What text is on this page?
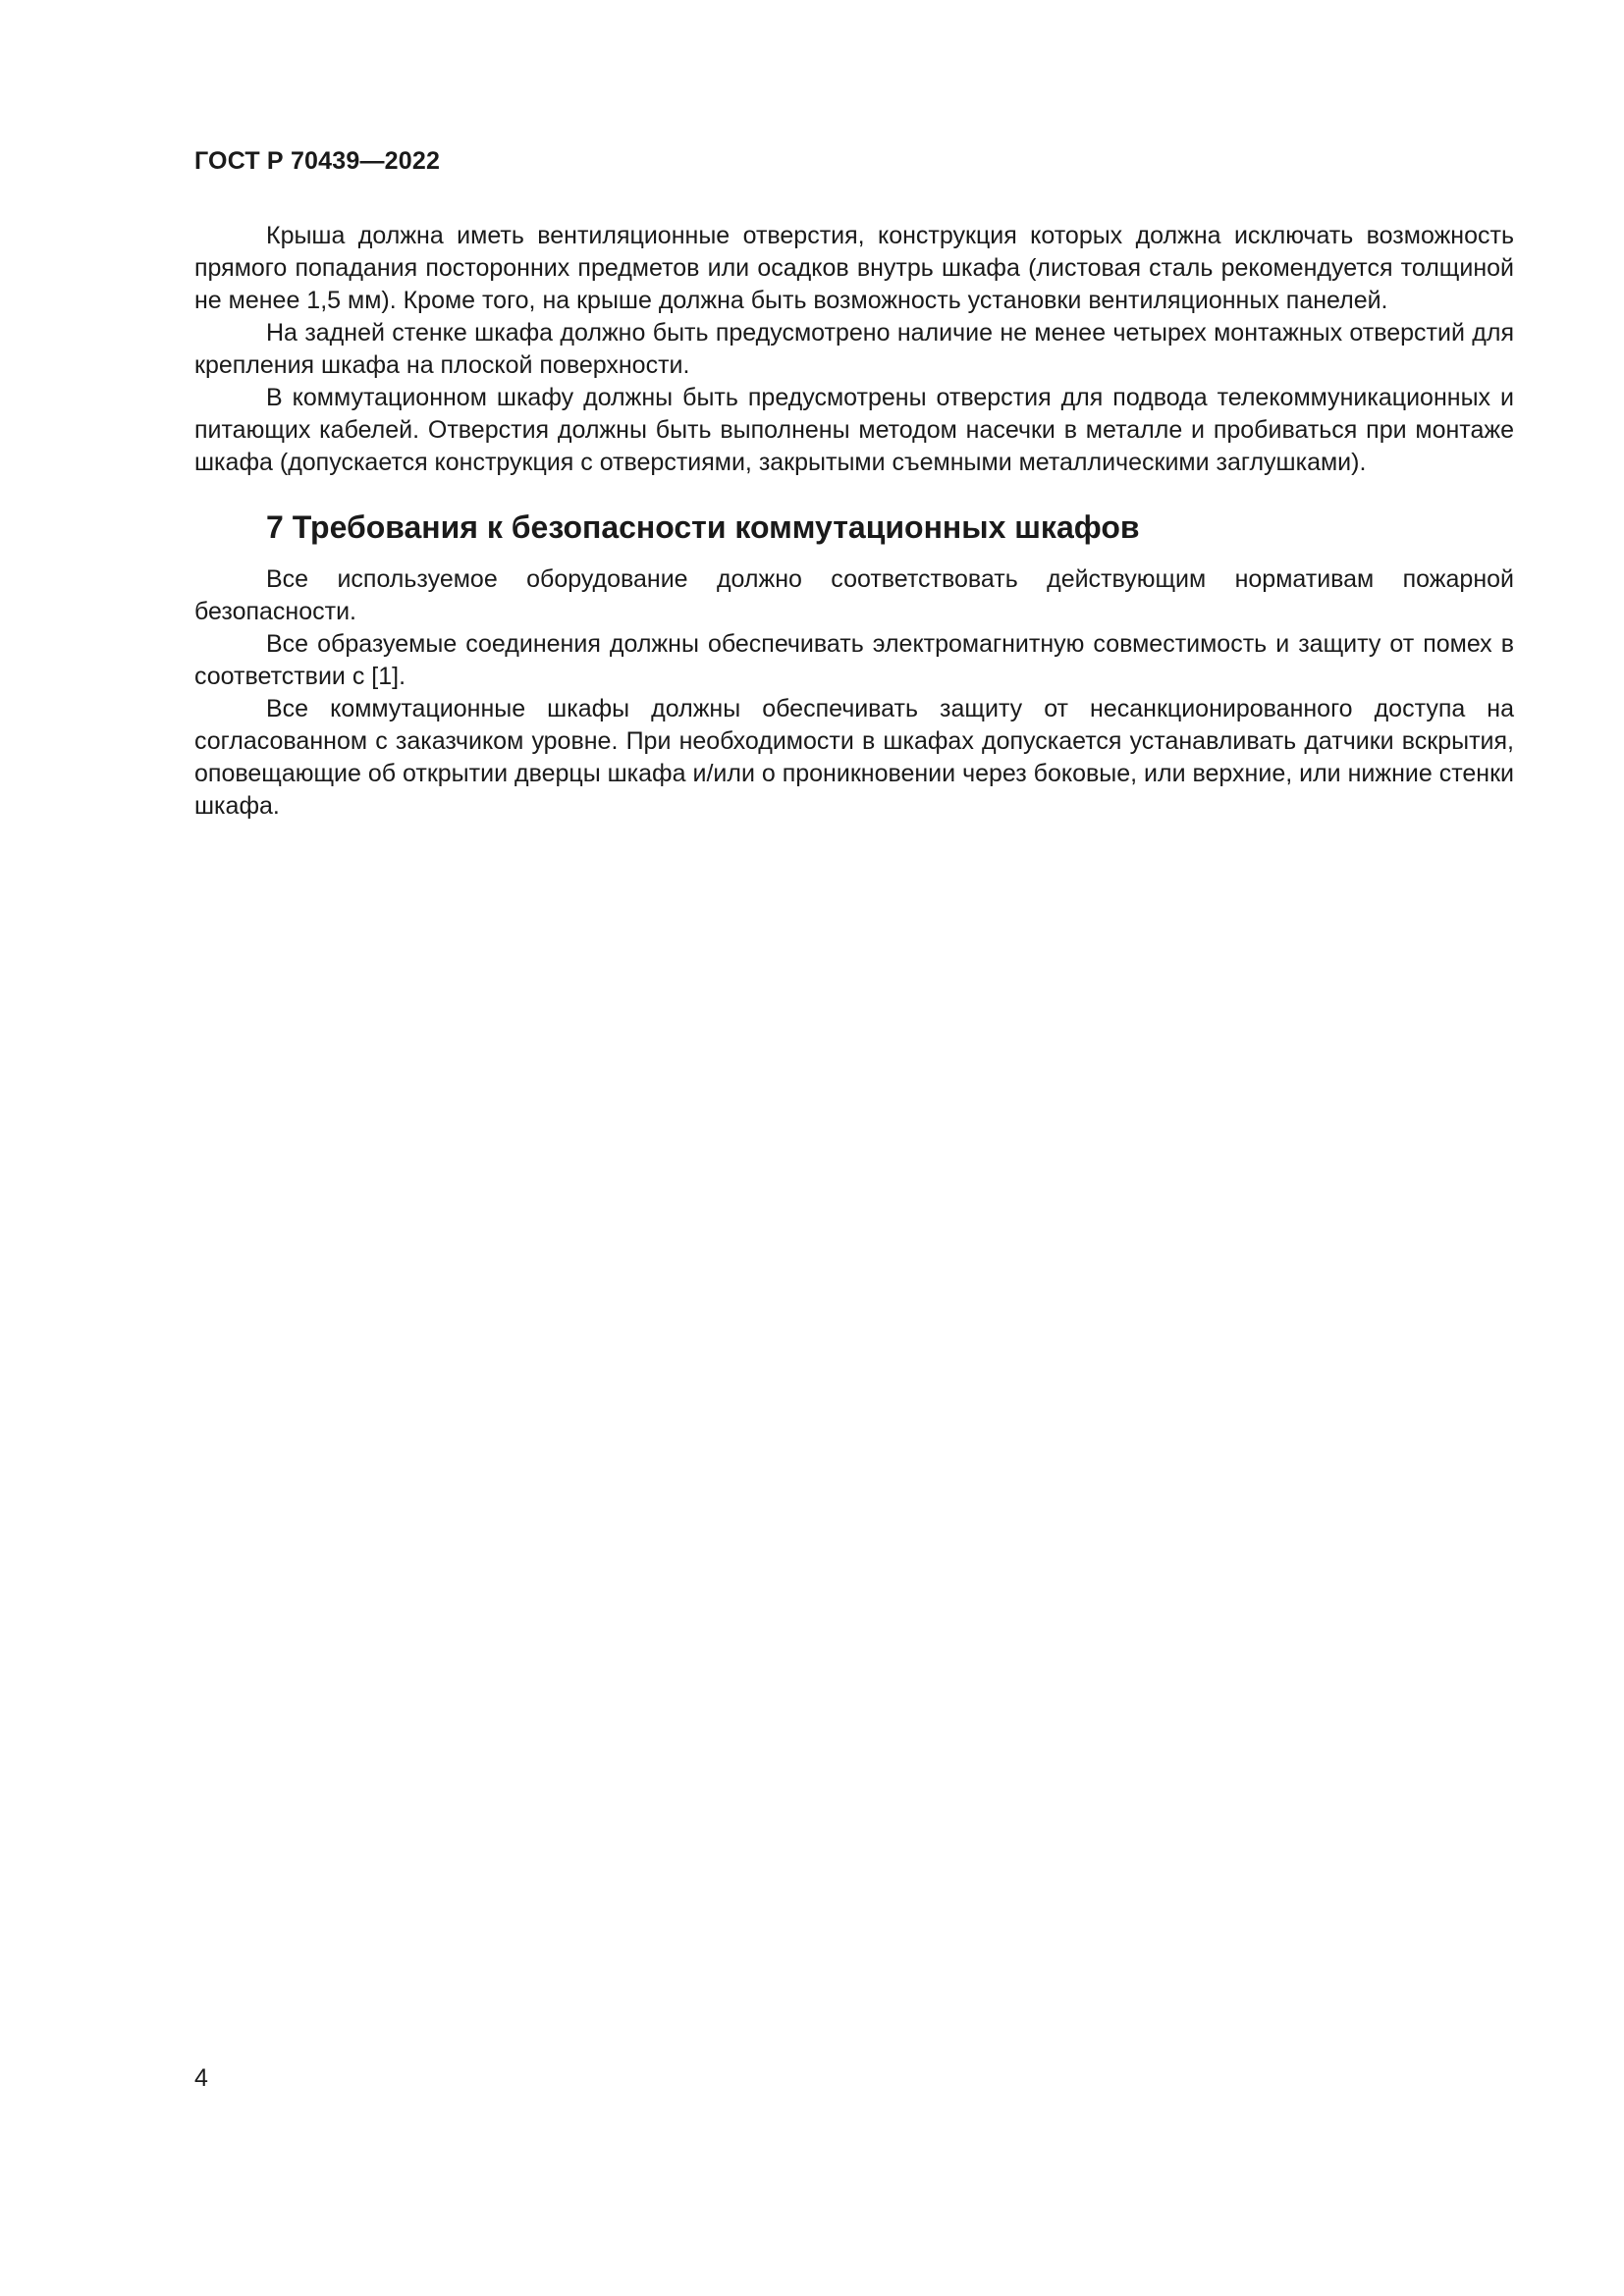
ГОСТ Р 70439—2022

Крыша должна иметь вентиляционные отверстия, конструкция которых должна исключать возможность прямого попадания посторонних предметов или осадков внутрь шкафа (листовая сталь рекомендуется толщиной не менее 1,5 мм). Кроме того, на крыше должна быть возможность установки вентиляционных панелей.

На задней стенке шкафа должно быть предусмотрено наличие не менее четырех монтажных отверстий для крепления шкафа на плоской поверхности.

В коммутационном шкафу должны быть предусмотрены отверстия для подвода телекоммуникационных и питающих кабелей. Отверстия должны быть выполнены методом насечки в металле и пробиваться при монтаже шкафа (допускается конструкция с отверстиями, закрытыми съемными металлическими заглушками).

7 Требования к безопасности коммутационных шкафов

Все используемое оборудование должно соответствовать действующим нормативам пожарной безопасности.

Все образуемые соединения должны обеспечивать электромагнитную совместимость и защиту от помех в соответствии с [1].

Все коммутационные шкафы должны обеспечивать защиту от несанкционированного доступа на согласованном с заказчиком уровне. При необходимости в шкафах допускается устанавливать датчики вскрытия, оповещающие об открытии дверцы шкафа и/или о проникновении через боковые, или верхние, или нижние стенки шкафа.

4
